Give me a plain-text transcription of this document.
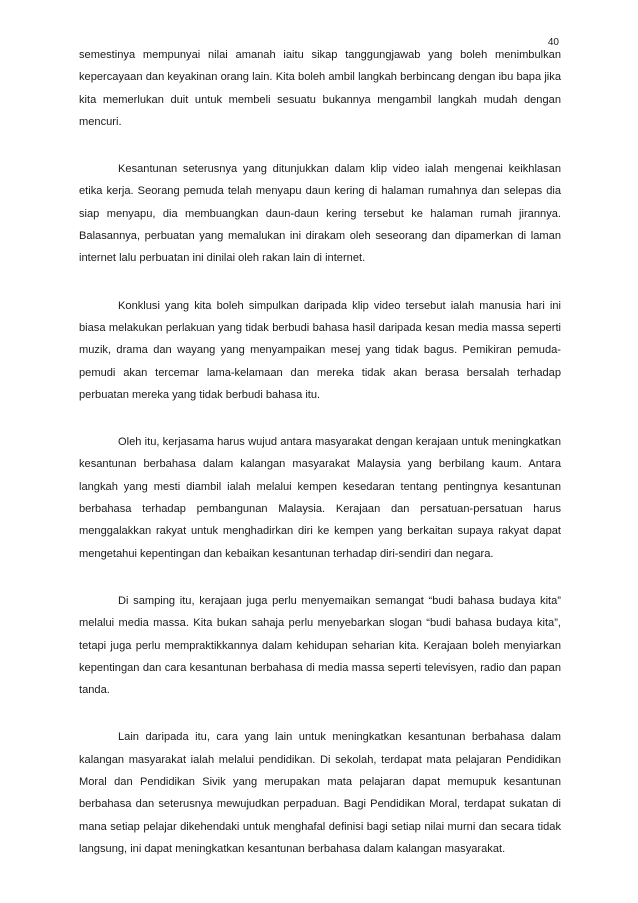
40

semestinya mempunyai nilai amanah iaitu sikap tanggungjawab yang boleh menimbulkan kepercayaan dan keyakinan orang lain. Kita boleh ambil langkah berbincang dengan ibu bapa jika kita memerlukan duit untuk membeli sesuatu bukannya mengambil langkah mudah dengan mencuri.

Kesantunan seterusnya yang ditunjukkan dalam klip video ialah mengenai keikhlasan etika kerja. Seorang pemuda telah menyapu daun kering di halaman rumahnya dan selepas dia siap menyapu, dia membuangkan daun-daun kering tersebut ke halaman rumah jirannya. Balasannya, perbuatan yang memalukan ini dirakam oleh seseorang dan dipamerkan di laman internet lalu perbuatan ini dinilai oleh rakan lain di internet.

Konklusi yang kita boleh simpulkan daripada klip video tersebut ialah manusia hari ini biasa melakukan perlakuan yang tidak berbudi bahasa hasil daripada kesan media massa seperti muzik, drama dan wayang yang menyampaikan mesej yang tidak bagus. Pemikiran pemuda-pemudi akan tercemar lama-kelamaan dan mereka tidak akan berasa bersalah terhadap perbuatan mereka yang tidak berbudi bahasa itu.

Oleh itu, kerjasama harus wujud antara masyarakat dengan kerajaan untuk meningkatkan kesantunan berbahasa dalam kalangan masyarakat Malaysia yang berbilang kaum. Antara langkah yang mesti diambil ialah melalui kempen kesedaran tentang pentingnya kesantunan berbahasa terhadap pembangunan Malaysia. Kerajaan dan persatuan-persatuan harus menggalakkan rakyat untuk menghadirkan diri ke kempen yang berkaitan supaya rakyat dapat mengetahui kepentingan dan kebaikan kesantunan terhadap diri-sendiri dan negara.

Di samping itu, kerajaan juga perlu menyemaikan semangat “budi bahasa budaya kita” melalui media massa. Kita bukan sahaja perlu menyebarkan slogan “budi bahasa budaya kita”, tetapi juga perlu mempraktikkannya dalam kehidupan seharian kita. Kerajaan boleh menyiarkan kepentingan dan cara kesantunan berbahasa di media massa seperti televisyen, radio dan papan tanda.

Lain daripada itu, cara yang lain untuk meningkatkan kesantunan berbahasa dalam kalangan masyarakat ialah melalui pendidikan. Di sekolah, terdapat mata pelajaran Pendidikan Moral dan Pendidikan Sivik yang merupakan mata pelajaran dapat memupuk kesantunan berbahasa dan seterusnya mewujudkan perpaduan. Bagi Pendidikan Moral, terdapat sukatan di mana setiap pelajar dikehendaki untuk menghafal definisi bagi setiap nilai murni dan secara tidak langsung, ini dapat meningkatkan kesantunan berbahasa dalam kalangan masyarakat.
